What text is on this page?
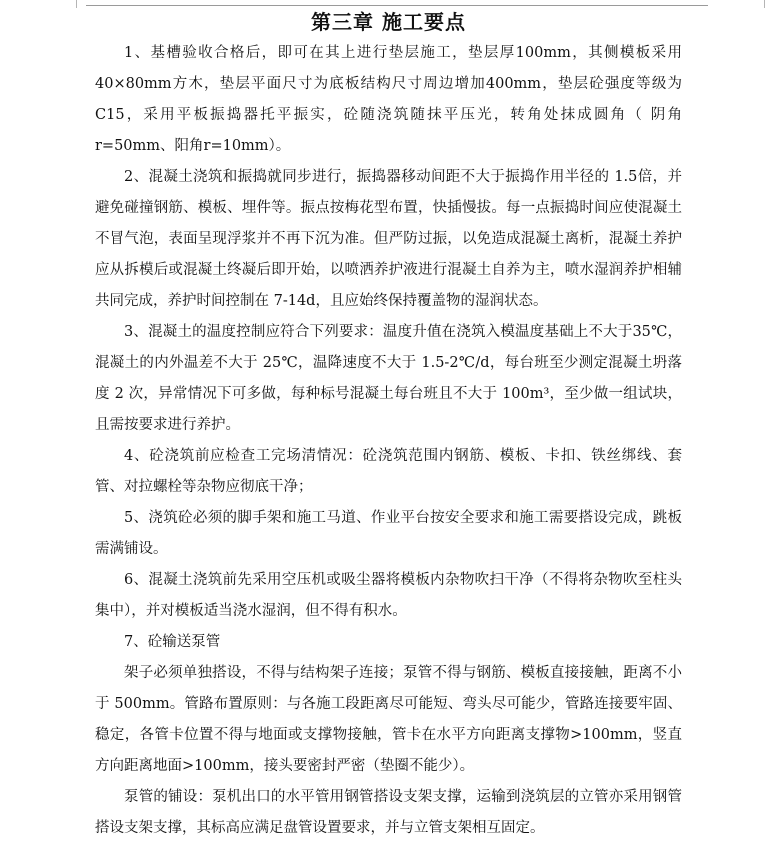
第三章 施工要点

1、基槽验收合格后，即可在其上进行垫层施工，垫层厚100mm，其侧模板采用40×80mm方木，垫层平面尺寸为底板结构尺寸周边增加400mm，垫层砼强度等级为C15，采用平板振捣器托平振实，砼随浇筑随抹平压光，转角处抹成圆角（ 阴角r=50mm、阳角r=10mm）。

2、混凝土浇筑和振捣就同步进行，振捣器移动间距不大于振捣作用半径的 1.5倍，并避免碰撞钢筋、模板、埋件等。振点按梅花型布置，快插慢拔。每一点振捣时间应使混凝土不冒气泡，表面呈现浮浆并不再下沉为准。但严防过振，以免造成混凝土离析，混凝土养护应从拆模后或混凝土终凝后即开始，以喷洒养护液进行混凝土自养为主，喷水湿润养护相辅共同完成，养护时间控制在 7-14d，且应始终保持覆盖物的湿润状态。

3、混凝土的温度控制应符合下列要求：温度升值在浇筑入模温度基础上不大于35℃，混凝土的内外温差不大于 25℃，温降速度不大于 1.5-2℃/d，每台班至少测定混凝土坍落度 2 次，异常情况下可多做，每种标号混凝土每台班且不大于 100m³，至少做一组试块，且需按要求进行养护。

4、砼浇筑前应检查工完场清情况：砼浇筑范围内钢筋、模板、卡扣、铁丝绑线、套管、对拉螺栓等杂物应彻底干净；

5、浇筑砼必须的脚手架和施工马道、作业平台按安全要求和施工需要搭设完成，跳板需满铺设。

6、混凝土浇筑前先采用空压机或吸尘器将模板内杂物吹扫干净（不得将杂物吹至柱头集中），并对模板适当浇水湿润，但不得有积水。

7、砼输送泵管

架子必须单独搭设，不得与结构架子连接；泵管不得与钢筋、模板直接接触，距离不小于 500mm。管路布置原则：与各施工段距离尽可能短、弯头尽可能少，管路连接要牢固、稳定，各管卡位置不得与地面或支撑物接触，管卡在水平方向距离支撑物>100mm，竖直方向距离地面>100mm，接头要密封严密（垫圈不能少）。

泵管的铺设：泵机出口的水平管用钢管搭设支架支撑，运输到浇筑层的立管亦采用钢管搭设支架支撑，其标高应满足盘管设置要求，并与立管支架相互固定。
